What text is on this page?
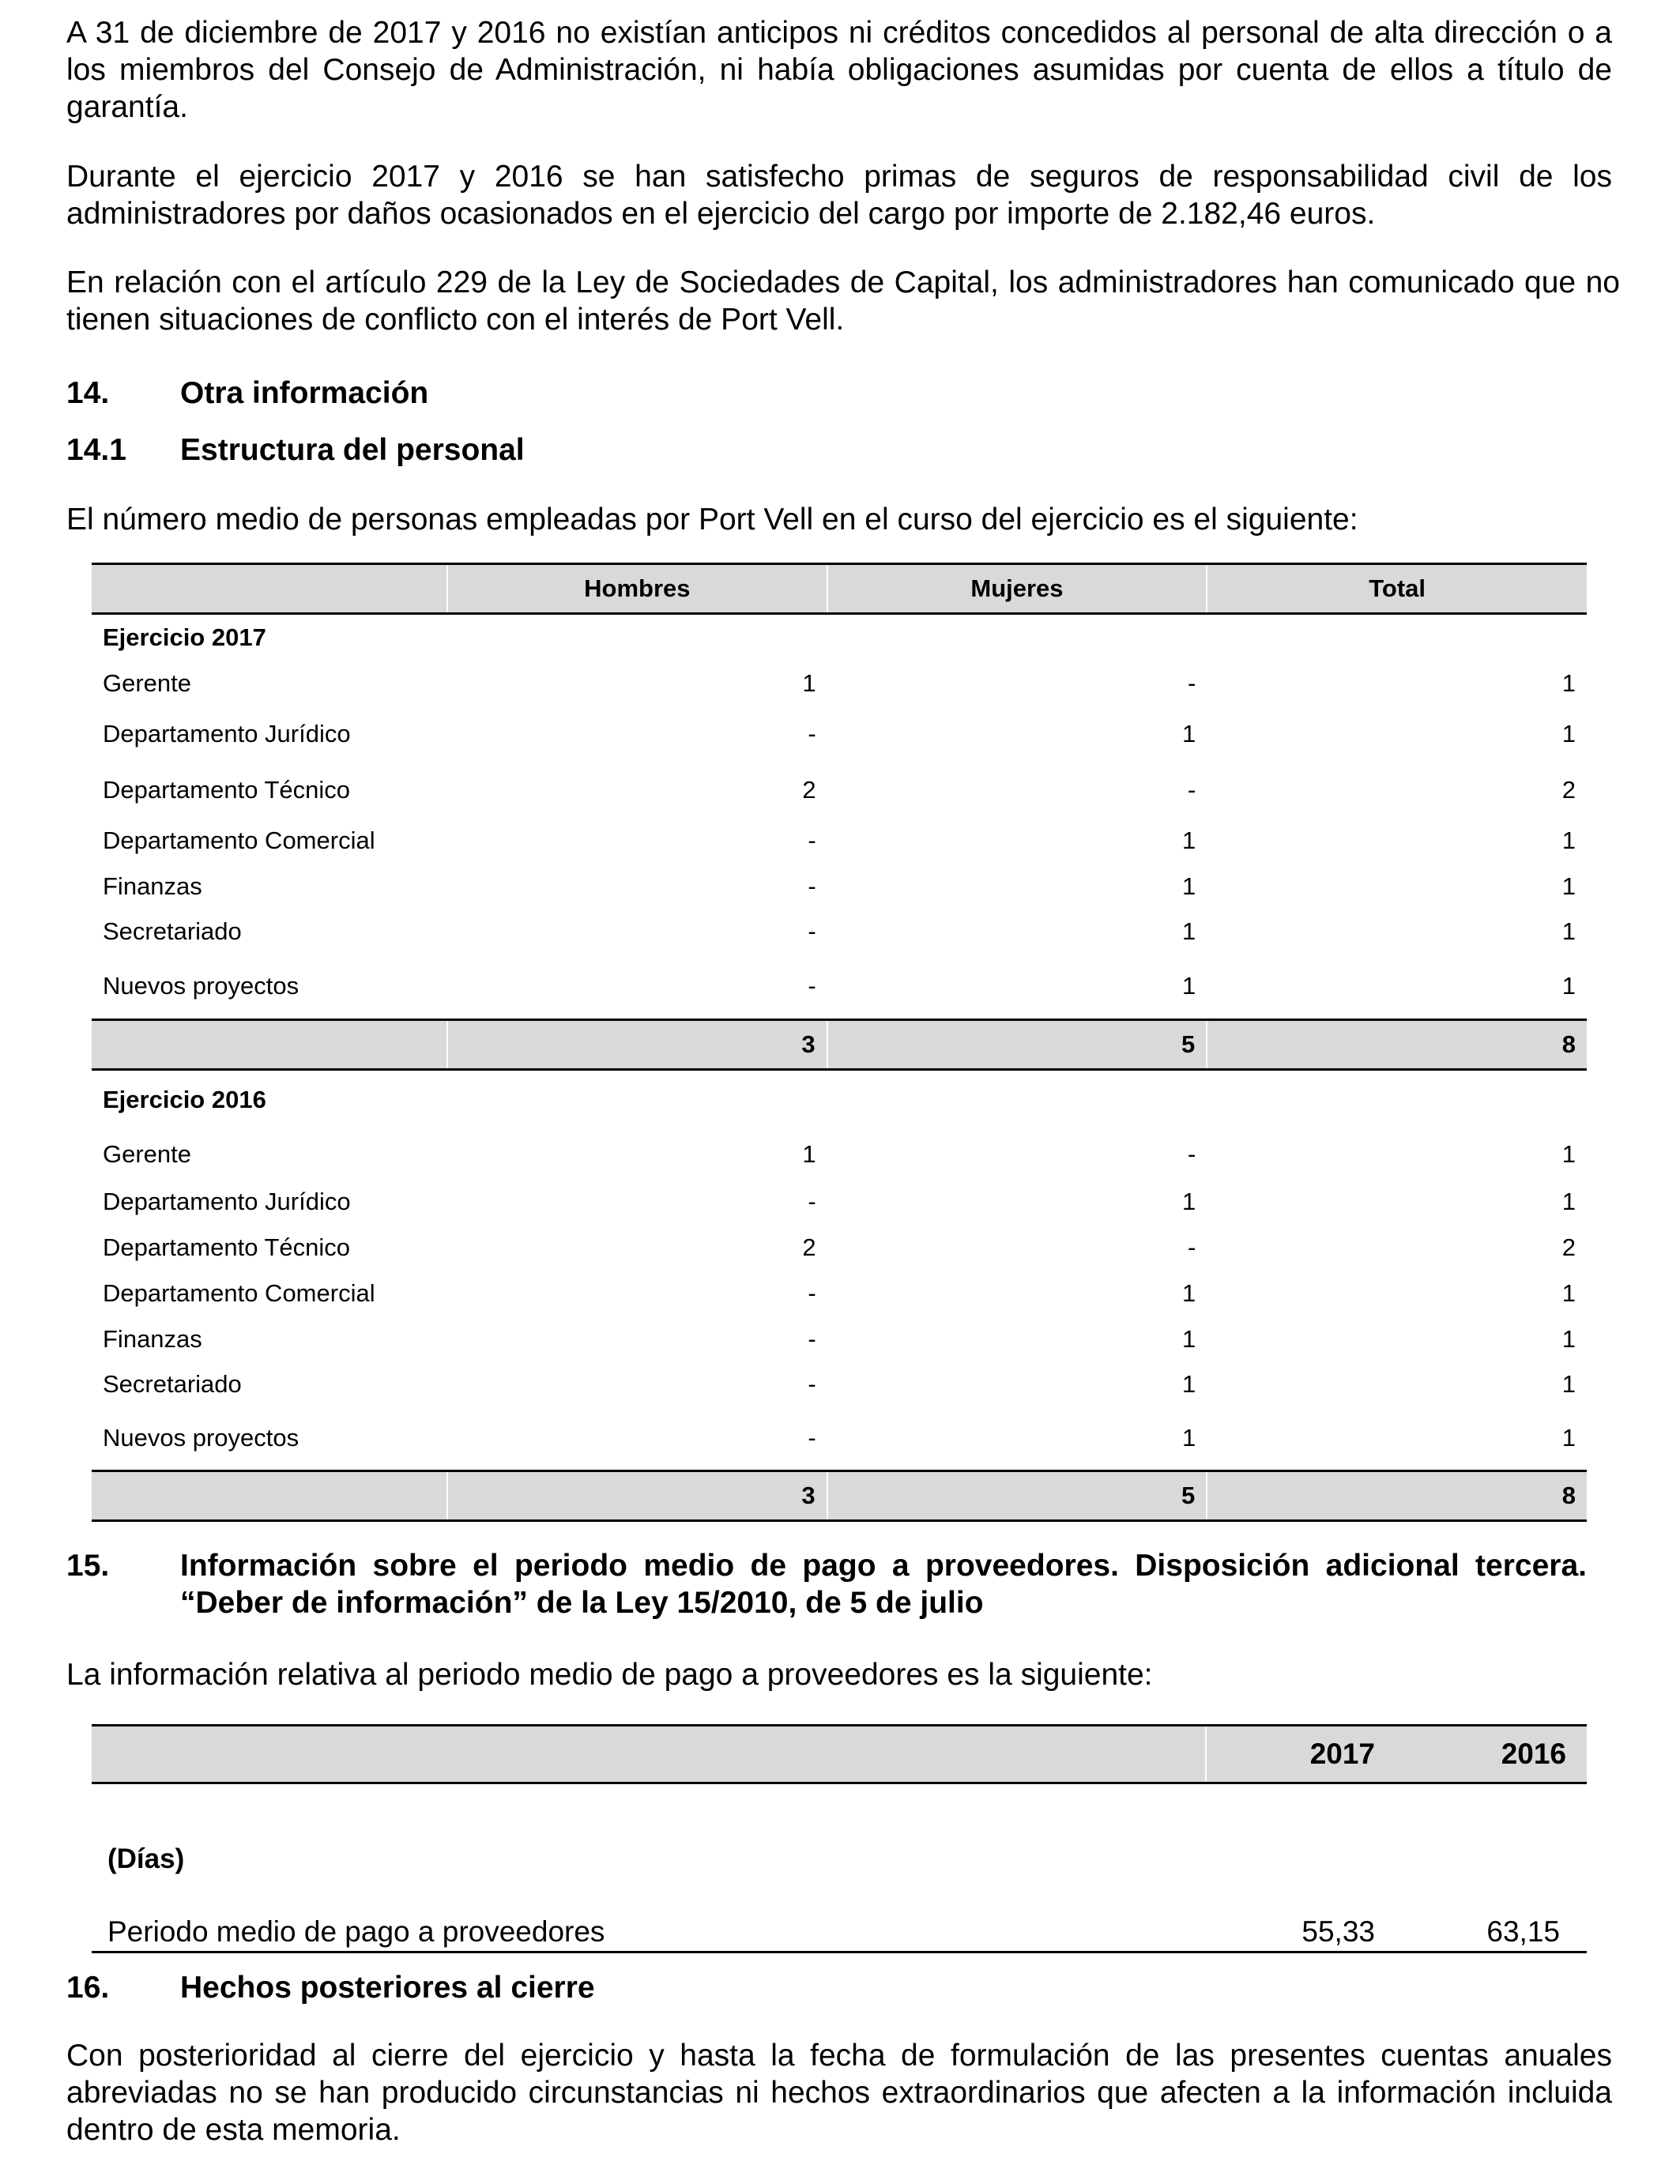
A 31 de diciembre de 2017 y 2016 no existían anticipos ni créditos concedidos al personal de alta dirección o a los miembros del Consejo de Administración, ni había obligaciones asumidas por cuenta de ellos a título de garantía.

Durante el ejercicio 2017 y 2016 se han satisfecho primas de seguros de responsabilidad civil de los administradores por daños ocasionados en el ejercicio del cargo por importe de 2.182,46 euros.

En relación con el artículo 229 de la Ley de Sociedades de Capital, los administradores han comunicado que no tienen situaciones de conflicto con el interés de Port Vell.

14. Otra información
14.1 Estructura del personal

El número medio de personas empleadas por Port Vell en el curso del ejercicio es el siguiente:

	Hombres	Mujeres	Total
Ejercicio 2017			
Gerente	1	-	1
Departamento Jurídico	-	1	1
Departamento Técnico	2	-	2
Departamento Comercial	-	1	1
Finanzas	-	1	1
Secretariado	-	1	1
Nuevos proyectos	-	1	1
	3	5	8
Ejercicio 2016			
Gerente	1	-	1
Departamento Jurídico	-	1	1
Departamento Técnico	2	-	2
Departamento Comercial	-	1	1
Finanzas	-	1	1
Secretariado	-	1	1
Nuevos proyectos	-	1	1
	3	5	8
15. Información sobre el periodo medio de pago a proveedores. Disposición adicional tercera. “Deber de información” de la Ley 15/2010, de 5 de julio

La información relativa al periodo medio de pago a proveedores es la siguiente:

	2017	2016

(Días)		

Periodo medio de pago a proveedores	55,33	63,15
16. Hechos posteriores al cierre

Con posterioridad al cierre del ejercicio y hasta la fecha de formulación de las presentes cuentas anuales abreviadas no se han producido circunstancias ni hechos extraordinarios que afecten a la información incluida dentro de esta memoria.
